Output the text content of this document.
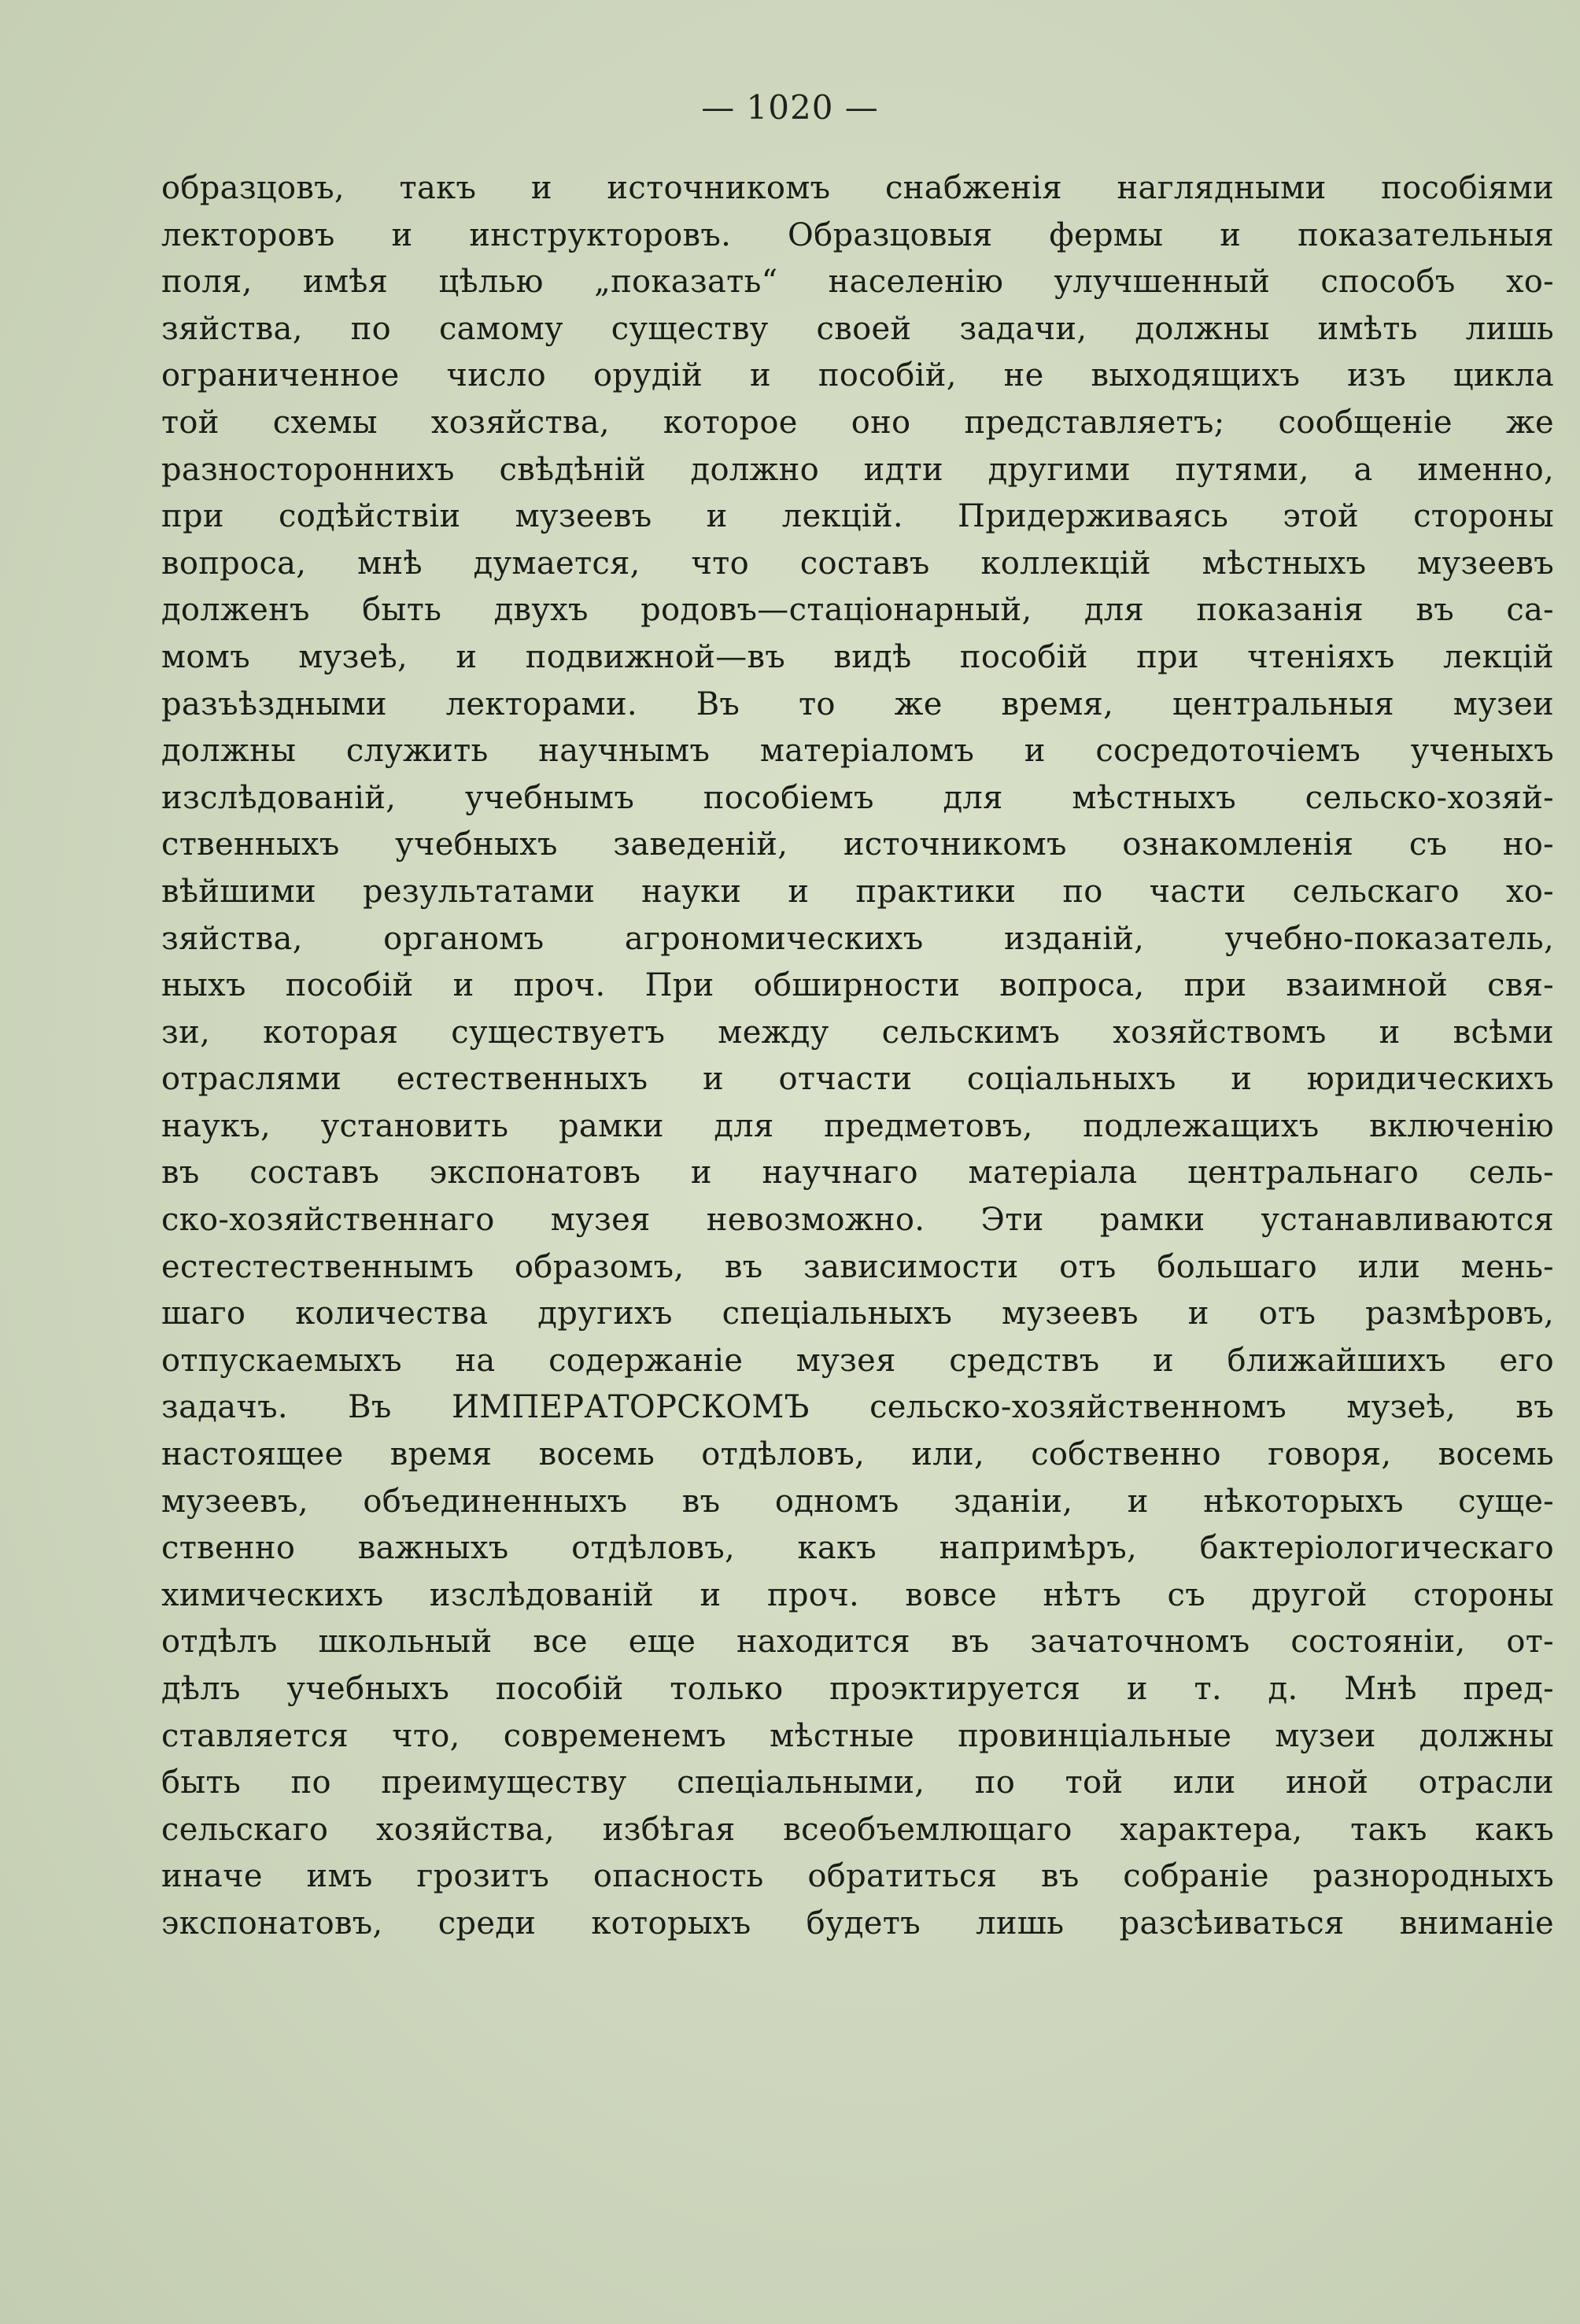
— 1020 —
образцовъ, такъ и источникомъ снабженія наглядными пособіями
лекторовъ и инструкторовъ. Образцовыя фермы и показательныя
поля, имѣя цѣлью „показать“ населенію улучшенный способъ хо-
зяйства, по самому существу своей задачи, должны имѣть лишь
ограниченное число орудій и пособій, не выходящихъ изъ цикла
той схемы хозяйства, которое оно представляетъ; сообщеніе же
разностороннихъ свѣдѣній должно идти другими путями, а именно,
при содѣйствіи музеевъ и лекцій. Придерживаясь этой стороны
вопроса, мнѣ думается, что составъ коллекцій мѣстныхъ музеевъ
долженъ быть двухъ родовъ—стаціонарный, для показанія въ са-
момъ музеѣ, и подвижной—въ видѣ пособій при чтеніяхъ лекцій
разъѣздными лекторами. Въ то же время, центральныя музеи
должны служить научнымъ матеріаломъ и сосредоточіемъ ученыхъ
изслѣдованій, учебнымъ пособіемъ для мѣстныхъ сельско-хозяй-
ственныхъ учебныхъ заведеній, источникомъ ознакомленія съ но-
вѣйшими результатами науки и практики по части сельскаго хо-
зяйства, органомъ агрономическихъ изданій, учебно-показатель,
ныхъ пособій и проч. При обширности вопроса, при взаимной свя-
зи, которая существуетъ между сельскимъ хозяйствомъ и всѣми
отраслями естественныхъ и отчасти соціальныхъ и юридическихъ
наукъ, установить рамки для предметовъ, подлежащихъ включенію
въ составъ экспонатовъ и научнаго матеріала центральнаго сель-
ско-хозяйственнаго музея невозможно. Эти рамки устанавливаются
естестественнымъ образомъ, въ зависимости отъ большаго или мень-
шаго количества другихъ спеціальныхъ музеевъ и отъ размѣровъ,
отпускаемыхъ на содержаніе музея средствъ и ближайшихъ его
задачъ. Въ ИМПЕРАТОРСКОМЪ сельско-хозяйственномъ музеѣ, въ
настоящее время восемь отдѣловъ, или, собственно говоря, восемь
музеевъ, объединенныхъ въ одномъ зданіи, и нѣкоторыхъ суще-
ственно важныхъ отдѣловъ, какъ напримѣръ, бактеріологическаго
химическихъ изслѣдованій и проч. вовсе нѣтъ съ другой стороны
отдѣлъ школьный все еще находится въ зачаточномъ состояніи, от-
дѣлъ учебныхъ пособій только проэктируется и т. д. Мнѣ пред-
ставляется что, современемъ мѣстные провинціальные музеи должны
быть по преимуществу спеціальными, по той или иной отрасли
сельскаго хозяйства, избѣгая всеобъемлющаго характера, такъ какъ
иначе имъ грозитъ опасность обратиться въ собраніе разнородныхъ
экспонатовъ, среди которыхъ будетъ лишь разсѣиваться вниманіе
